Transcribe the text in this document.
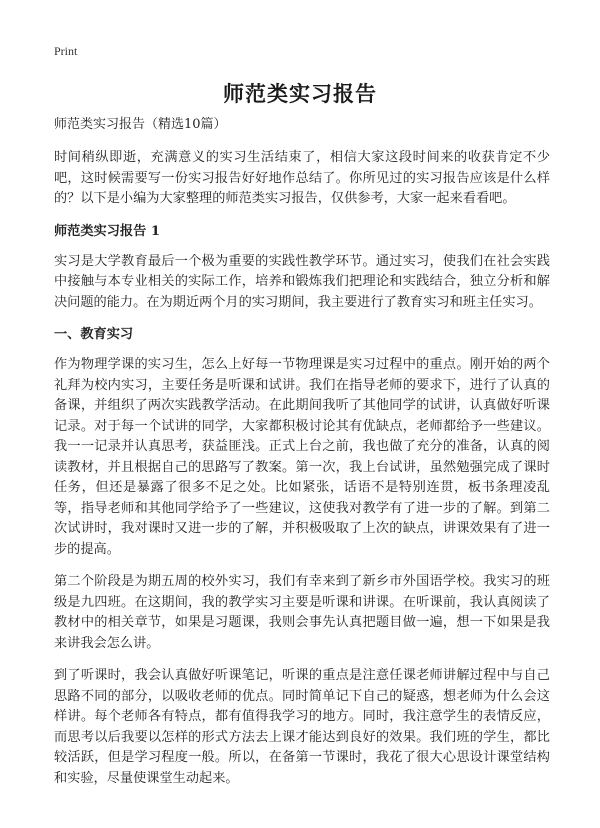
Print
师范类实习报告

师范类实习报告（精选10篇）

时间稍纵即逝，充满意义的实习生活结束了，相信大家这段时间来的收获肯定不少吧，这时候需要写一份实习报告好好地作总结了。你所见过的实习报告应该是什么样的？以下是小编为大家整理的师范类实习报告，仅供参考，大家一起来看看吧。

师范类实习报告 1

实习是大学教育最后一个极为重要的实践性教学环节。通过实习，使我们在社会实践中接触与本专业相关的实际工作，培养和锻炼我们把理论和实践结合，独立分析和解决问题的能力。在为期近两个月的实习期间，我主要进行了教育实习和班主任实习。

一、教育实习

作为物理学课的实习生，怎么上好每一节物理课是实习过程中的重点。刚开始的两个礼拜为校内实习，主要任务是听课和试讲。我们在指导老师的要求下，进行了认真的备课，并组织了两次实践教学活动。在此期间我听了其他同学的试讲，认真做好听课记录。对于每一个试讲的同学，大家都积极讨论其有优缺点，老师都给予一些建议。我一一记录并认真思考，获益匪浅。正式上台之前，我也做了充分的准备，认真的阅读教材，并且根据自己的思路写了教案。第一次，我上台试讲，虽然勉强完成了课时任务，但还是暴露了很多不足之处。比如紧张，话语不是特别连贯，板书条理凌乱等，指导老师和其他同学给予了一些建议，这使我对教学有了进一步的了解。到第二次试讲时，我对课时又进一步的了解，并积极吸取了上次的缺点，讲课效果有了进一步的提高。

第二个阶段是为期五周的校外实习，我们有幸来到了新乡市外国语学校。我实习的班级是九四班。在这期间，我的教学实习主要是听课和讲课。在听课前，我认真阅读了教材中的相关章节，如果是习题课，我则会事先认真把题目做一遍，想一下如果是我来讲我会怎么讲。

到了听课时，我会认真做好听课笔记，听课的重点是注意任课老师讲解过程中与自己思路不同的部分，以吸收老师的优点。同时简单记下自己的疑惑，想老师为什么会这样讲。每个老师各有特点，都有值得我学习的地方。同时，我注意学生的表情反应，而思考以后我要以怎样的形式方法去上课才能达到良好的效果。我们班的学生，都比较活跃，但是学习程度一般。所以，在备第一节课时，我花了很大心思设计课堂结构和实验，尽量使课堂生动起来。
